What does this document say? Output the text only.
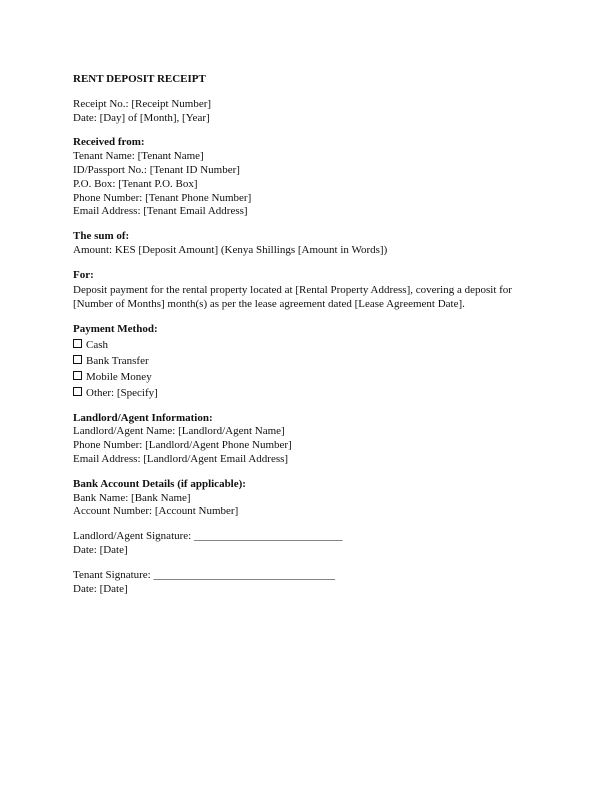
RENT DEPOSIT RECEIPT
Receipt No.: [Receipt Number]
Date: [Day] of [Month], [Year]
Received from:
Tenant Name: [Tenant Name]
ID/Passport No.: [Tenant ID Number]
P.O. Box: [Tenant P.O. Box]
Phone Number: [Tenant Phone Number]
Email Address: [Tenant Email Address]
The sum of:
Amount: KES [Deposit Amount] (Kenya Shillings [Amount in Words])
For:
Deposit payment for the rental property located at [Rental Property Address], covering a deposit for [Number of Months] month(s) as per the lease agreement dated [Lease Agreement Date].
Payment Method:
Cash
Bank Transfer
Mobile Money
Other: [Specify]
Landlord/Agent Information:
Landlord/Agent Name: [Landlord/Agent Name]
Phone Number: [Landlord/Agent Phone Number]
Email Address: [Landlord/Agent Email Address]
Bank Account Details (if applicable):
Bank Name: [Bank Name]
Account Number: [Account Number]
Landlord/Agent Signature: ___________________________
Date: [Date]
Tenant Signature: _________________________________
Date: [Date]
